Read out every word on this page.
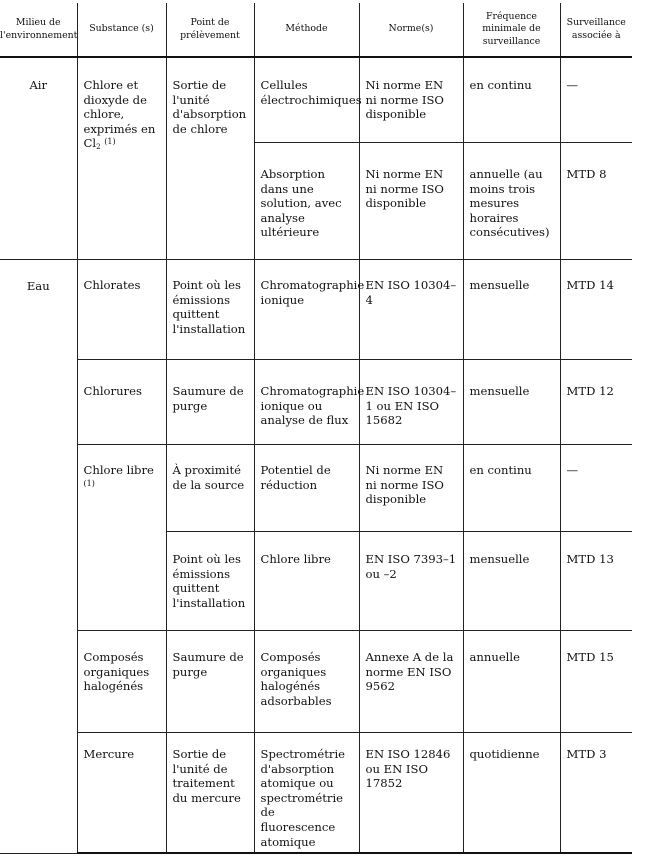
Milieu de l'environnement	Substance (s)	Point de prélèvement	Méthode	Norme(s)	Fréquence minimale de surveillance	Surveillance associée à

Air	Chlore et dioxyde de chlore, exprimés en Cl2 $^{(1)}$	Sortie de l'unité d'absorption de chlore	Cellules électrochimiques	Ni norme EN ni norme ISO disponible	en continu	—

			Absorption dans une solution, avec analyse ultérieure	Ni norme EN ni norme ISO disponible	annuelle (au moins trois mesures horaires consécutives)	MTD 8

Eau	Chlorates	Point où les émissions quittent l'installation	Chromatographie ionique	EN ISO 10304–4	mensuelle	MTD 14

	Chlorures	Saumure de purge	Chromatographie ionique ou analyse de flux	EN ISO 10304–1 ou EN ISO 15682	mensuelle	MTD 12

	Chlore libre $^{(1)}$	À proximité de la source	Potentiel de réduction	Ni norme EN ni norme ISO disponible	en continu	—

		Point où les émissions quittent l'installation	Chlore libre	EN ISO 7393–1 ou –2	mensuelle	MTD 13

	Composés organiques halogénés	Saumure de purge	Composés organiques halogénés adsorbables	Annexe A de la norme EN ISO 9562	annuelle	MTD 15

	Mercure	Sortie de l'unité de traitement du mercure	Spectrométrie d'absorption atomique ou spectrométrie de fluorescence atomique	EN ISO 12846 ou EN ISO 17852	quotidienne	MTD 3
